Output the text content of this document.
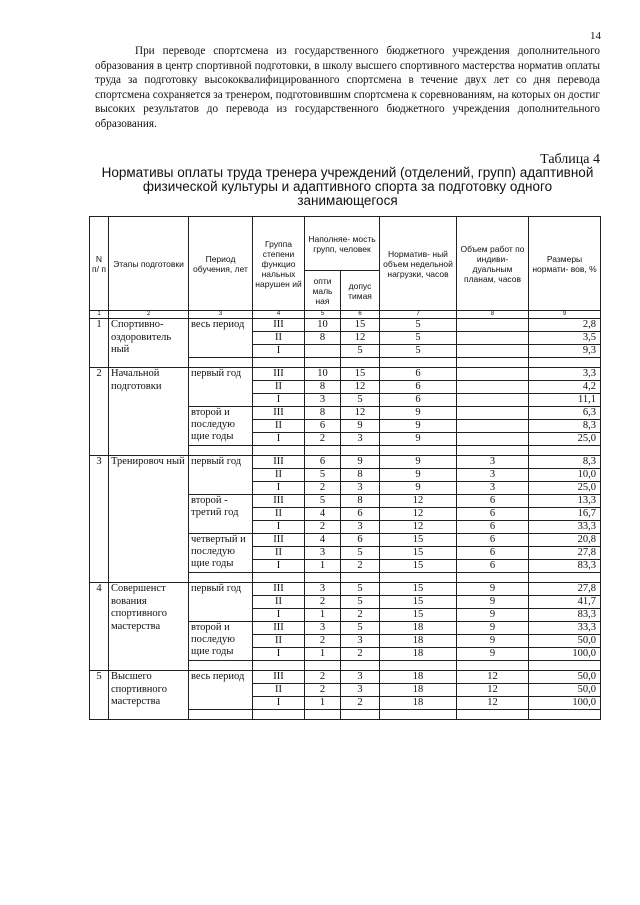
14

При переводе спортсмена из государственного бюджетного учреждения дополнительного образования в центр спортивной подготовки, в школу высшего спортивного мастерства норматив оплаты труда за подготовку высококвалифицированного спортсмена в течение двух лет со дня перевода спортсмена сохраняется за тренером, подготовившим спортсмена к соревнованиям, на которых он достиг высоких результатов до перевода из государственного бюджетного учреждения дополнительного образования.

Таблица 4
Нормативы оплаты труда тренера учреждений (отделений, групп) адаптивной физической культуры и адаптивного спорта за подготовку одного занимающегося
N п/ п	Этапы подготовки	Период обучения, лет	Группа степени функцио нальных нарушен ий	Наполняе- мость групп, человек		Норматив- ный объем недельной нагрузки, часов	Объем работ по индиви- дуальным планам, часов	Размеры нормати- вов, %
				опти маль ная	допус тимая			
1	2	3	4	5	6	7	8	9
1	Спортивно- оздоровитель ный	весь период	III	10	15	5		2,8
			II	8	12	5		3,5
			I		5	5		9,3

2	Начальной подготовки	первый год	III	10	15	6		3,3
			II	8	12	6		4,2
			I	3	5	6		11,1
		второй и последую щие годы	III	8	12	9		6,3
			II	6	9	9		8,3
			I	2	3	9		25,0

3	Тренировоч ный	первый год	III	6	9	9	3	8,3
			II	5	8	9	3	10,0
			I	2	3	9	3	25,0
		второй - третий год	III	5	8	12	6	13,3
			II	4	6	12	6	16,7
			I	2	3	12	6	33,3
		четвертый и последую щие годы	III	4	6	15	6	20,8
			II	3	5	15	6	27,8
			I	1	2	15	6	83,3

4	Совершенст вования спортивного мастерства	первый год	III	3	5	15	9	27,8
			II	2	5	15	9	41,7
			I	1	2	15	9	83,3
		второй и последую щие годы	III	3	5	18	9	33,3
			II	2	3	18	9	50,0
			I	1	2	18	9	100,0

5	Высшего спортивного мастерства	весь период	III	2	3	18	12	50,0
			II	2	3	18	12	50,0
			I	1	2	18	12	100,0
